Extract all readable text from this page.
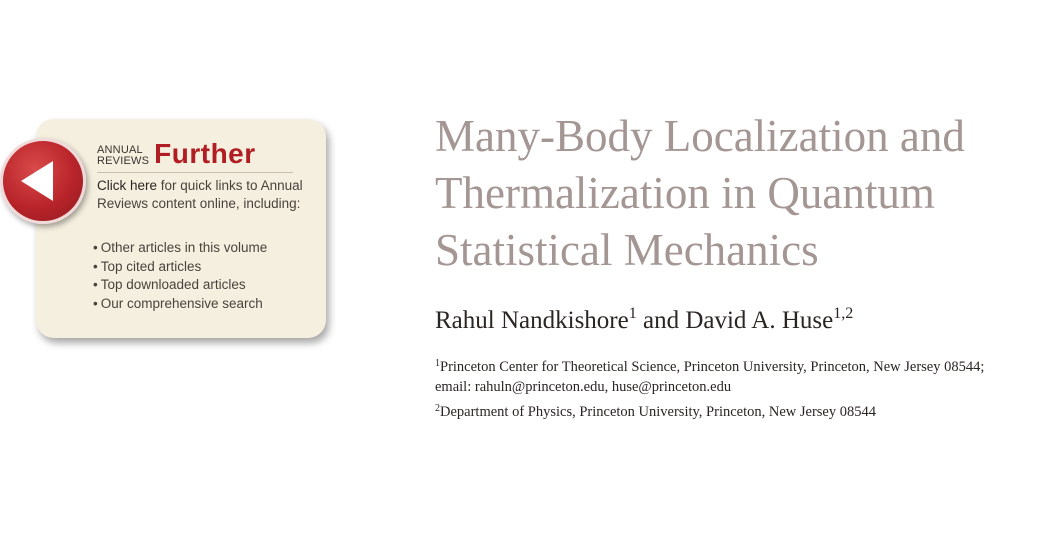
ANNUAL
REVIEWS Further
Click here for quick links to Annual Reviews content online, including:
• Other articles in this volume
• Top cited articles
• Top downloaded articles
• Our comprehensive search
Many-Body Localization and Thermalization in Quantum Statistical Mechanics
Rahul Nandkishore$^1$ and David A. Huse$^{1,2}$
$^1$Princeton Center for Theoretical Science, Princeton University, Princeton, New Jersey 08544; email: rahuln@princeton.edu, huse@princeton.edu
$^2$Department of Physics, Princeton University, Princeton, New Jersey 08544
